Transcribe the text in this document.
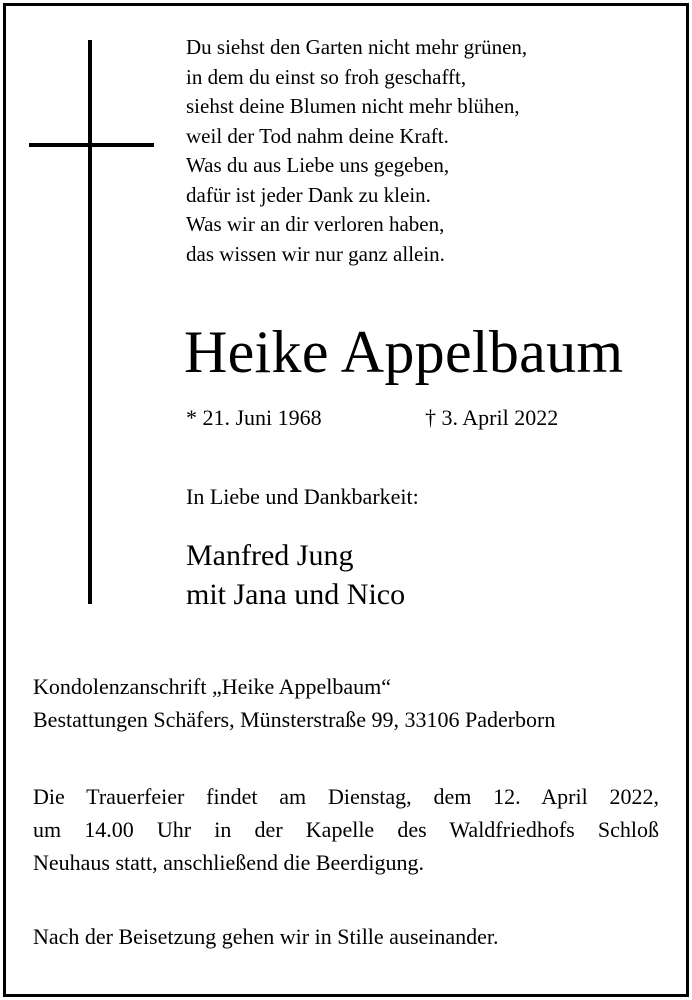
Du siehst den Garten nicht mehr grünen,
in dem du einst so froh geschafft,
siehst deine Blumen nicht mehr blühen,
weil der Tod nahm deine Kraft.
Was du aus Liebe uns gegeben,
dafür ist jeder Dank zu klein.
Was wir an dir verloren haben,
das wissen wir nur ganz allein.
Heike Appelbaum
* 21. Juni 1968	† 3. April 2022
In Liebe und Dankbarkeit:
Manfred Jung
mit Jana und Nico
Kondolenzanschrift „Heike Appelbaum“
Bestattungen Schäfers, Münsterstraße 99, 33106 Paderborn
Die Trauerfeier findet am Dienstag, dem 12. April 2022,
um 14.00 Uhr in der Kapelle des Waldfriedhofs Schloß
Neuhaus statt, anschließend die Beerdigung.
Nach der Beisetzung gehen wir in Stille auseinander.
